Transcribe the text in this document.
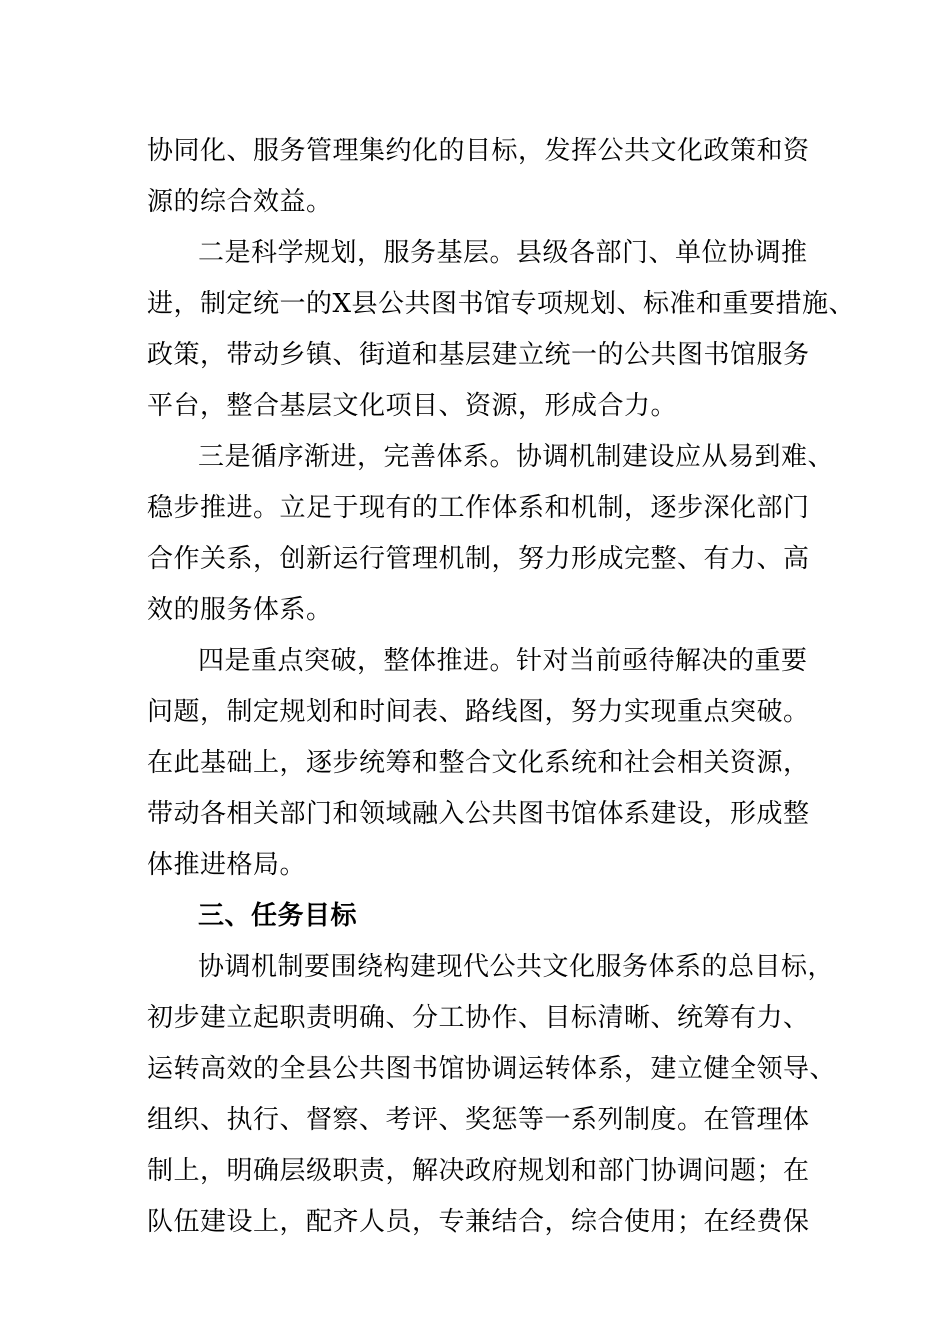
协同化、服务管理集约化的目标，发挥公共文化政策和资
源的综合效益。
二是科学规划，服务基层。县级各部门、单位协调推
进，制定统一的X县公共图书馆专项规划、标准和重要措施、
政策，带动乡镇、街道和基层建立统一的公共图书馆服务
平台，整合基层文化项目、资源，形成合力。
三是循序渐进，完善体系。协调机制建设应从易到难、
稳步推进。立足于现有的工作体系和机制，逐步深化部门
合作关系，创新运行管理机制，努力形成完整、有力、高
效的服务体系。
四是重点突破，整体推进。针对当前亟待解决的重要
问题，制定规划和时间表、路线图，努力实现重点突破。
在此基础上，逐步统筹和整合文化系统和社会相关资源，
带动各相关部门和领域融入公共图书馆体系建设，形成整
体推进格局。
三、任务目标
协调机制要围绕构建现代公共文化服务体系的总目标，
初步建立起职责明确、分工协作、目标清晰、统筹有力、
运转高效的全县公共图书馆协调运转体系，建立健全领导、
组织、执行、督察、考评、奖惩等一系列制度。在管理体
制上，明确层级职责，解决政府规划和部门协调问题；在
队伍建设上，配齐人员，专兼结合，综合使用；在经费保
